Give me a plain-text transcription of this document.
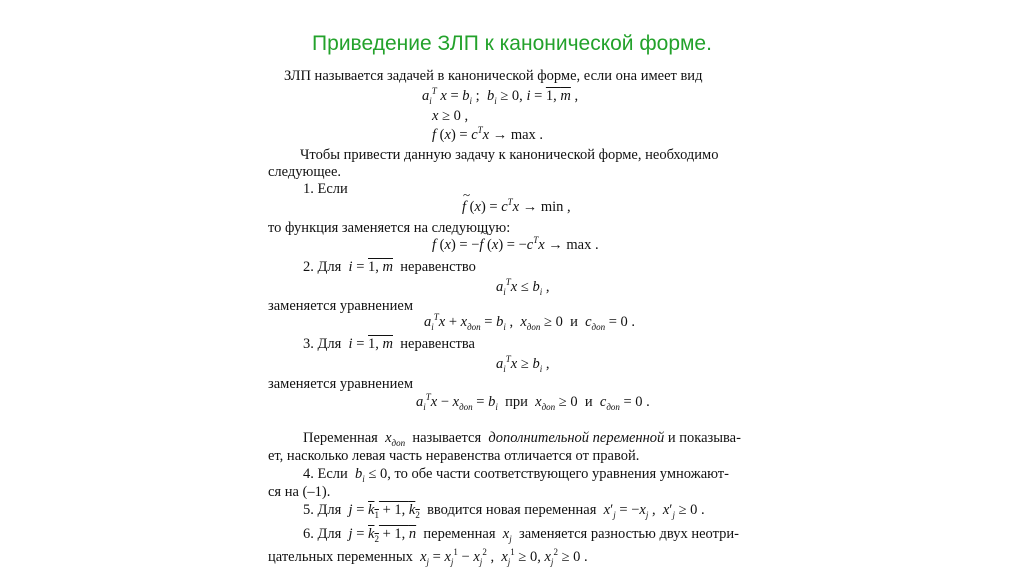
Приведение ЗЛП к канонической форме.
ЗЛП называется задачей в канонической форме, если она имеет вид
$a_i^T$ $x = b_i$ ;  $b_i \ge 0$, i = 1, m ,
x ≥ 0 ,
f $(x) = c^Tx \to \max$ .
Чтобы привести данную задачу к канонической форме, необходимо
следующее.
1. Если
~ f $(x) = c^Tx \to \min$ ,
то функция заменяется на следующую:
f (x) = −~ f $(x) = -c^Tx \to \max$ .
2. Для i = 1, m неравенство
$a_i^Tx \le b_i$ ,
заменяется уравнением
$a_i^Tx + x_{доп} = b_i$ ,  $x_{доп} \ge 0$  и $c_{доп} = 0$ .
3. Для i = 1, m неравенства
$a_i^Tx \ge b_i$ ,
заменяется уравнением
$a_i^Tx - x_{доп} = b_i$ при $x_{доп} \ge 0$  и $c_{доп} = 0$ .
Переменная $x_{доп}$ называется дополнительной переменной и показыва-
ет, насколько левая часть неравенства отличается от правой.
4. Если $b_i \le 0$, то обе части соответствующего уравнения умножают-
ся на (–1).
5. Для $j = k_1 + 1$, $k_2$ вводится новая переменная $x'_j = -x_j$ ,  $x'_j \ge 0$ .
6. Для $j = k_2 + 1$, n переменная $x_j$ заменяется разностью двух неотри-
цательных переменных $x_j = x_j^1 - x_j^2$ ,  $x_j^1 \ge 0$, $x_j^2 \ge 0$ .
